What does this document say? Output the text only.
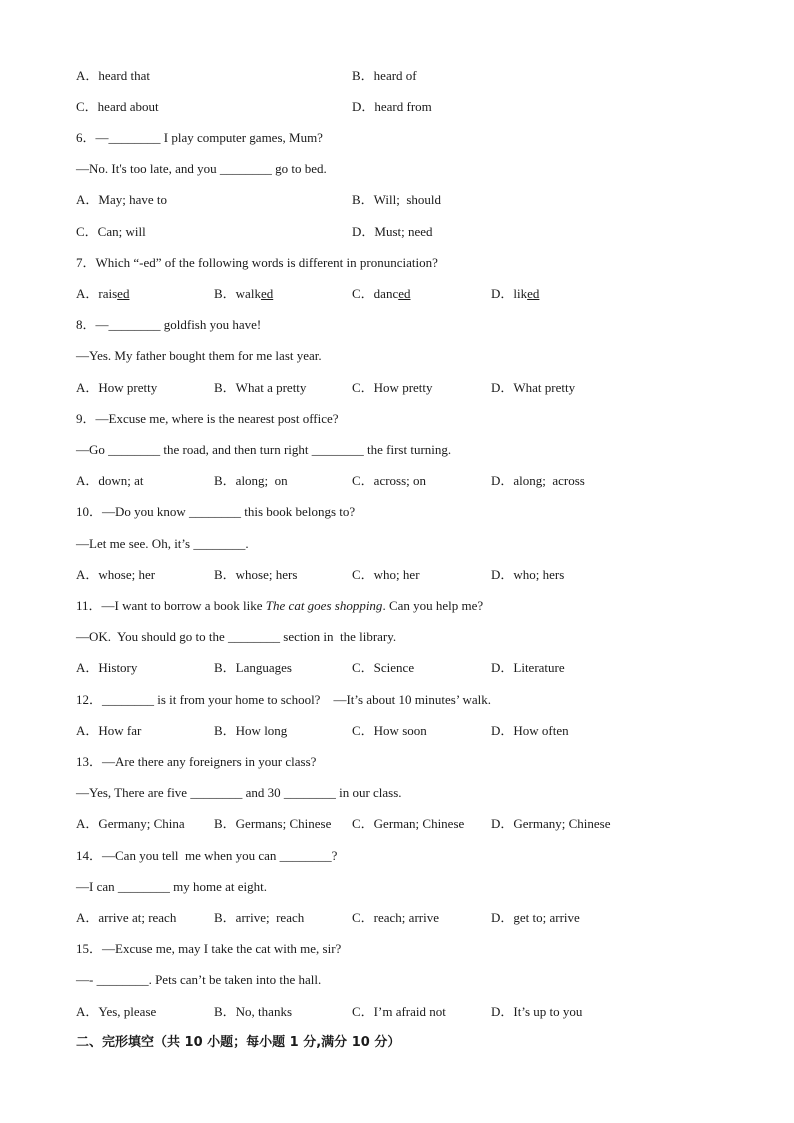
A．heard that	B．heard of
C．heard about	D．heard from
6．—________ I play computer games, Mum?
—No. It's too late, and you ________ go to bed.
A．May; have to	B．Will;  should
C．Can; will	D．Must; need
7．Which “-ed” of the following words is different in pronunciation?
A．raised	B．walked	C．danced	D．liked
8．—________ goldfish you have!
—Yes. My father bought them for me last year.
A．How pretty	B．What a pretty	C．How pretty	D．What pretty
9．—Excuse me, where is the nearest post office?
—Go ________ the road, and then turn right ________ the first turning.
A．down; at	B．along;  on	C．across; on	D．along;  across
10．—Do you know ________ this book belongs to?
—Let me see. Oh, it’s ________.
A．whose; her	B．whose; hers	C．who; her	D．who; hers
11．—I want to borrow a book like The cat goes shopping. Can you help me?
—OK.  You should go to the ________ section in  the library.
A．History	B．Languages	C．Science	D．Literature
12．________ is it from your home to school?    —It’s about 10 minutes’ walk.
A．How far	B．How long	C．How soon	D．How often
13．—Are there any foreigners in your class?
—Yes, There are five ________ and 30 ________ in our class.
A．Germany; China B．Germans; Chinese C．German; Chinese D．Germany; Chinese
14．—Can you tell  me when you can ________?
—I can ________ my home at eight.
A．arrive at; reach	B．arrive;  reach	C．reach; arrive	D．get to; arrive
15．—Excuse me, may I take the cat with me, sir?
—- ________. Pets can’t be taken into the hall.
A．Yes, please	B．No, thanks	C．I’m afraid not	D．It’s up to you
二、完形填空（共 10 小题；每小题 1 分,满分 10 分）
